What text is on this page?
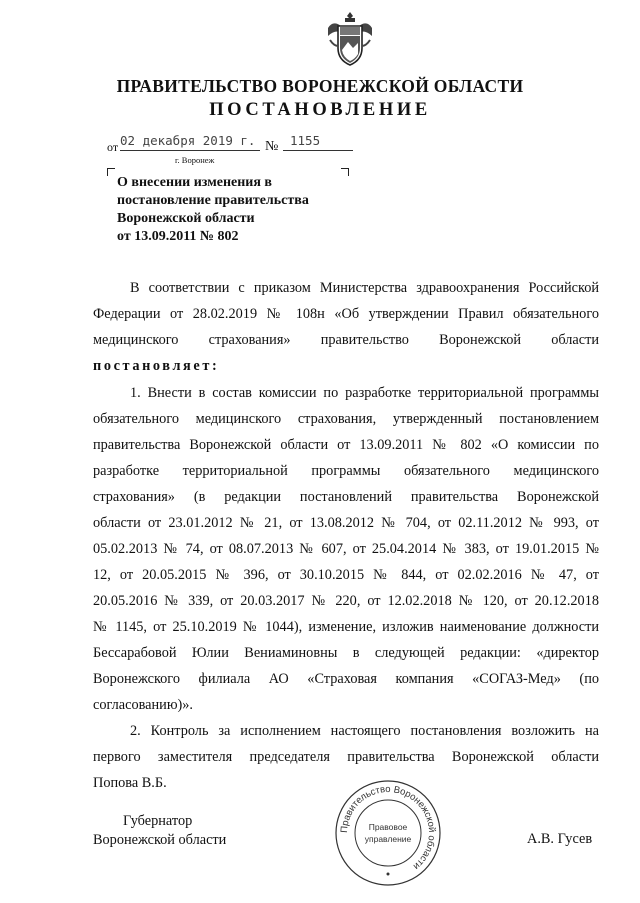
ПРАВИТЕЛЬСТВО ВОРОНЕЖСКОЙ ОБЛАСТИ
ПОСТАНОВЛЕНИЕ
от 02 декабря 2019 г. № 1155
г. Воронеж
О внесении изменения в
постановление правительства
Воронежской области
от 13.09.2011 № 802
В соответствии с приказом Министерства здравоохранения Российской
Федерации от 28.02.2019 № 108н «Об утверждении Правил обязательного
медицинского страхования» правительство Воронежской области
постановляет:
1. Внести в состав комиссии по разработке территориальной программы
обязательного медицинского страхования, утвержденный постановлением
правительства Воронежской области от 13.09.2011 № 802 «О комиссии по
разработке территориальной программы обязательного медицинского
страхования» (в редакции постановлений правительства Воронежской
области от 23.01.2012 № 21, от 13.08.2012 № 704, от 02.11.2012 № 993, от
05.02.2013 № 74, от 08.07.2013 № 607, от 25.04.2014 № 383, от 19.01.2015 №
12, от 20.05.2015 № 396, от 30.10.2015 № 844, от 02.02.2016 № 47, от
20.05.2016 № 339, от 20.03.2017 № 220, от 12.02.2018 № 120, от 20.12.2018
№ 1145, от 25.10.2019 № 1044), изменение, изложив наименование должности
Бессарабовой Юлии Вениаминовны в следующей редакции: «директор
Воронежского филиала АО «Страховая компания «СОГАЗ-Мед» (по
согласованию)».
2. Контроль за исполнением настоящего постановления возложить на
первого заместителя председателя правительства Воронежской области
Попова В.Б.
Губернатор
Воронежской области
Правительство Воронежской области
Правовое
управление	А.В. Гусев
